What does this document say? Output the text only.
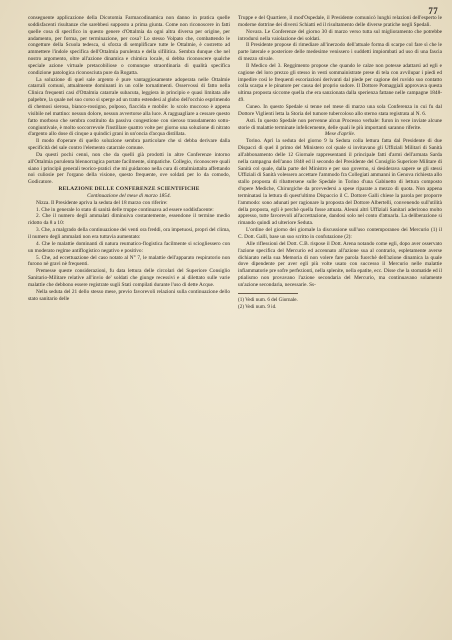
77

conseguente applicazione della Dicotomia Farmacodinamica non danno in pratica quelle soddisfacenti risultanze che sarebbesi supposto a prima giunta. Come non riconoscere in fatti quelle cosa di specifico in questo genere d'Ottalmia da ogni altra diversa per origine, per andamento, per forma, per terminazione, per cosa? Lo stesso Volpato che, combattendo le congetture della Scuola tedesca, si sforza di semplificare tutte le Ottalmie, è costretto ad ammettere l'indole specifica dell'Ottalmia purulenta e della sifilitica. Sembra dunque che nel nostro argomento, oltre all'azione dinamica e chimica locale, si debba riconoscere qualche speciale azione virtuale pretacobiliose o comunque straordinaria di qualità specifica condizione patologica riconosciuta pure da Rogatta.

La soluzione di quel sale argento è pure vantaggiosamente adoperata nelle Ottalmie catarrali comuni, attualmente dominanti in un colle tornatimenti. Osservossi di fatto nella Clinica frequenti casi d'Ottalmia catarrale subacuta, leggiera in principio e quasi limitata alle palpebre, la quale nel suo corso si sperge ad un tratto estendesi al globo dell'occhio esprimendo di chemosi sierosa, bianco-rossigno, polposo, fiaccida e mobile: lo scolo muccoso è appena visibile nel mattino: nessun dolore, nessun avvertorse alla luce. A ragguagliare a cessare questo fatto morboso che sembra costituito da passiva congestione con sieroso trasudamento sotto-congiuntivale, è molto soccorrevole l'instillare quattro volte per giorno una soluzione di nitrato d'argento allo dose di cinque a quindici grani in un'oncia d'acqua distillata.

Il modo d'operare di quello soluzione sembra particolare che si debba derivare dalla specificità del sale contro l'elemento catarrale comune.

Da questi pochi cenni, non che da quelli già prodotti in altre Conferenze intorno all'Ottalmia purulenta blennorragica portate facilmente, simpatiche. Collegio, riconoscere quali siano i principii generali teorico-pratici che mi guidarono nella cura di ottalmiattalta affettando noi culiosie per l'organo della visione, questo frequente, ove soldati per lo da comodo, Godicatore.

RELAZIONE DELLE CONFERENZE SCIENTIFICHE

Continuazione del mese di marzo 1854.

Nizza. Il Presidente apriva la seduta del 18 marzo con riferire:

1. Che in generale lo stato di sanità delle truppe continuava ad essere soddisfacente:

2. Che il numero degli ammalati diminuiva costantemente, essendone il termine medio ridotto da 8 a 10:

3. Che, a malgrado della continuazione dei venti ora freddi, ora impetuosi, propri del clima, il numero degli ammalati non era tuttavia aumentato:

4. Che le malattie dominanti di natura reumatico-flogistica facilmente si sciogliessero con un moderato regime antiflogistico negativo e positivo:

5. Che, ad eccettuazione del caso notato al N° 7, le malattie dell'apparato respiratorio non furono nè gravi nè frequenti.

Premesse queste considerazioni, fu data lettura delle circolari del Superiore Consiglio Sanitario-Militare relative all'invio de' soldati che giunge recessivi e ai dilettato sulle varie malattie che debbono essere registrate sugli Stati compilati durante l'uso di dette Acque.

Nella seduta del 21 dello stesso mese, previo favorevoli relazioni sulla continuazione dello stato sanitario delle

Truppe e del Quartiere, il mod'Ospedale, il Presidente comunicò lunghi relazioni dell'esperto le moderne dottrine dei diversi Schiatti ed il risultamento delle diverse pratiche negli Spedali.

Novara. Le Conferenze del giorno 30 di marzo verso tutta sul miglioramento che potrebbe introdursi nella vaiolazione dei soldati.

Il Presidente propose di rimediare all'inerzodo dell'attuale forma di scarpe col fare sì che le parte laterale e posteriore delle medesime venissero i suddetti impiombati ad uso di una fascia di mezzo stivale.

Il Medico del 3. Reggimento propose che quando le calze non potesse adattarsi ad egli e cagione del loro prezzo gli stesso in vesti sommainistrate prese di tela con avvilupar i piedi ed impedire così le frequenti escoriazioni derivanti dal piede per cagione del ruvido suo contatto colla scarpa e le pinatore per causa del proprio sudore. Il Dottore Pomaggiali approvava questa ultima proposta siccome quella che era sanzionata dalla sperienza fattane nelle campagne 1848-49.

Cuneo. In questo Spedale si tenne nel mese di marzo una sola Conferenza in cui fu dal Dottore Viglienti letta la Storia del tumore tubercoloso allo sterno stata registrata al N. 6.

Asti. In questo Spedale non pervenne alcun Processo verbale: furon in vece inviate alcune storie di malattie terminate infelicemente, delle quali le più importanti saranno riferite.

Mese d'aprile.

Torino. Aprì la seduta del giorno 9 la Seduta colla lettura fatta dal Presidente di due Dispacci di quel il primo del Ministero col quale si invitavano gli Uffiziali Militari di Sanità all'abbonamento delle 12 Giornale rappresentanti il principale fatti d'armi dell'armata Sarda nella campagna dell'anno 1848 ed il secondo del Presidente del Consiglio Superiore Militare di Sanità col quale, dalla parte del Ministro e per suo governo, si desiderava sapere se gli stessi Uffiziali di Sanità volessero accettare l'ammodo fra Collegiati ammanni in Genova richiesta allo stallo proposta di ribattersene sulle Spedale in Torino d'una Gabinetto di lettura composto d'opere Mediche, Chirurgiche da provvedersi a spese riparate a mezzo di quota. Non appena terminatasi la lettura di quest'ultimo Dispaccio il C. Dottore Galli chiese la parola per proporre l'ammodo: sono adunati per ragionare la proposta del Dottore Albertelli, convenendo sull'utilità della proposta, egli è perchè quella fosse attuata. Aleuni altri Uffiziali Sanitari aderirono molto appresso, tutte favorevoli all'accettazione, dandosi solo nel conto d'attuarla. La deliberazione si rimando quindi ad ulteriore Seduta.

L'ordine del giorno dei giornale la discussione sull'uso contemporaneo dei Mercurio (1) il C. Dott. Galli, base un suo scritto in confutazione (2):

Alle riflessioni del Dott. C.B. rispose il Dott. Arena notando come egli, dopo aver osservato l'azione specifica del Mercurio ed accennato all'azione sua al contrario, espletamente averse dichiarato nella sua Memoria di non volere fare parola fuorchè dell'azione dinamica la quale dove dipendente per aver egli più volte usato con successo il Mercurio nelle malattie infiammatorie pre sofre perfezionti, nella splenite, nella epatite, ecc. Disse che la stomatide ed il ptialismo non provavano l'azione secondaria del Mercurio, ma continuavano solamente un'azione secondaria, necessarie. Ss-

(1) Vedi num. 6 del Giornale.

(2) Vedi num. 9 id.
